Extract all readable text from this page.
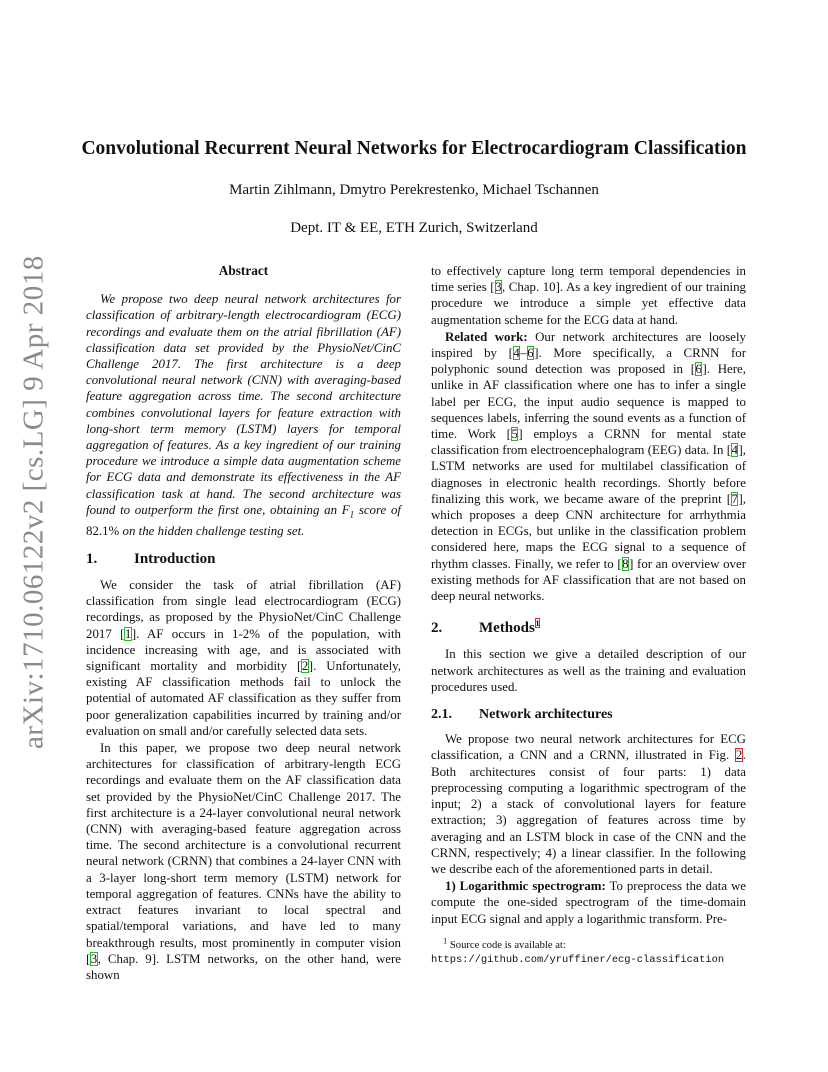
arXiv:1710.06122v2 [cs.LG] 9 Apr 2018
Convolutional Recurrent Neural Networks for Electrocardiogram Classification
Martin Zihlmann, Dmytro Perekrestenko, Michael Tschannen
Dept. IT & EE, ETH Zurich, Switzerland
Abstract

We propose two deep neural network architectures for classification of arbitrary-length electrocardiogram (ECG) recordings and evaluate them on the atrial fibrillation (AF) classification data set provided by the PhysioNet/CinC Challenge 2017. The first architecture is a deep convolutional neural network (CNN) with averaging-based feature aggregation across time. The second architecture combines convolutional layers for feature extraction with long-short term memory (LSTM) layers for temporal aggregation of features. As a key ingredient of our training procedure we introduce a simple data augmentation scheme for ECG data and demonstrate its effectiveness in the AF classification task at hand. The second architecture was found to outperform the first one, obtaining an $F_1$ score of 82.1% on the hidden challenge testing set.

1.	Introduction

We consider the task of atrial fibrillation (AF) classification from single lead electrocardiogram (ECG) recordings, as proposed by the PhysioNet/CinC Challenge 2017 [1]. AF occurs in 1-2% of the population, with incidence increasing with age, and is associated with significant mortality and morbidity [2]. Unfortunately, existing AF classification methods fail to unlock the potential of automated AF classification as they suffer from poor generalization capabilities incurred by training and/or evaluation on small and/or carefully selected data sets.

In this paper, we propose two deep neural network architectures for classification of arbitrary-length ECG recordings and evaluate them on the AF classification data set provided by the PhysioNet/CinC Challenge 2017. The first architecture is a 24-layer convolutional neural network (CNN) with averaging-based feature aggregation across time. The second architecture is a convolutional recurrent neural network (CRNN) that combines a 24-layer CNN with a 3-layer long-short term memory (LSTM) network for temporal aggregation of features. CNNs have the ability to extract features invariant to local spectral and spatial/temporal variations, and have led to many breakthrough results, most prominently in computer vision [3, Chap. 9]. LSTM networks, on the other hand, were shown

to effectively capture long term temporal dependencies in time series [3, Chap. 10]. As a key ingredient of our training procedure we introduce a simple yet effective data augmentation scheme for the ECG data at hand.

Related work: Our network architectures are loosely inspired by [4–6]. More specifically, a CRNN for polyphonic sound detection was proposed in [6]. Here, unlike in AF classification where one has to infer a single label per ECG, the input audio sequence is mapped to sequences labels, inferring the sound events as a function of time. Work [5] employs a CRNN for mental state classification from electroencephalogram (EEG) data. In [4], LSTM networks are used for multilabel classification of diagnoses in electronic health recordings. Shortly before finalizing this work, we became aware of the preprint [7], which proposes a deep CNN architecture for arrhythmia detection in ECGs, but unlike in the classification problem considered here, maps the ECG signal to a sequence of rhythm classes. Finally, we refer to [8] for an overview over existing methods for AF classification that are not based on deep neural networks.

2.	Methods$^1$

In this section we give a detailed description of our network architectures as well as the training and evaluation procedures used.

2.1.	Network architectures

We propose two neural network architectures for ECG classification, a CNN and a CRNN, illustrated in Fig. 2. Both architectures consist of four parts: 1) data preprocessing computing a logarithmic spectrogram of the input; 2) a stack of convolutional layers for feature extraction; 3) aggregation of features across time by averaging and an LSTM block in case of the CNN and the CRNN, respectively; 4) a linear classifier. In the following we describe each of the aforementioned parts in detail.

1) Logarithmic spectrogram: To preprocess the data we compute the one-sided spectrogram of the time-domain input ECG signal and apply a logarithmic transform. Pre-

$^1$ Source code is available at:
https://github.com/yruffiner/ecg-classification
